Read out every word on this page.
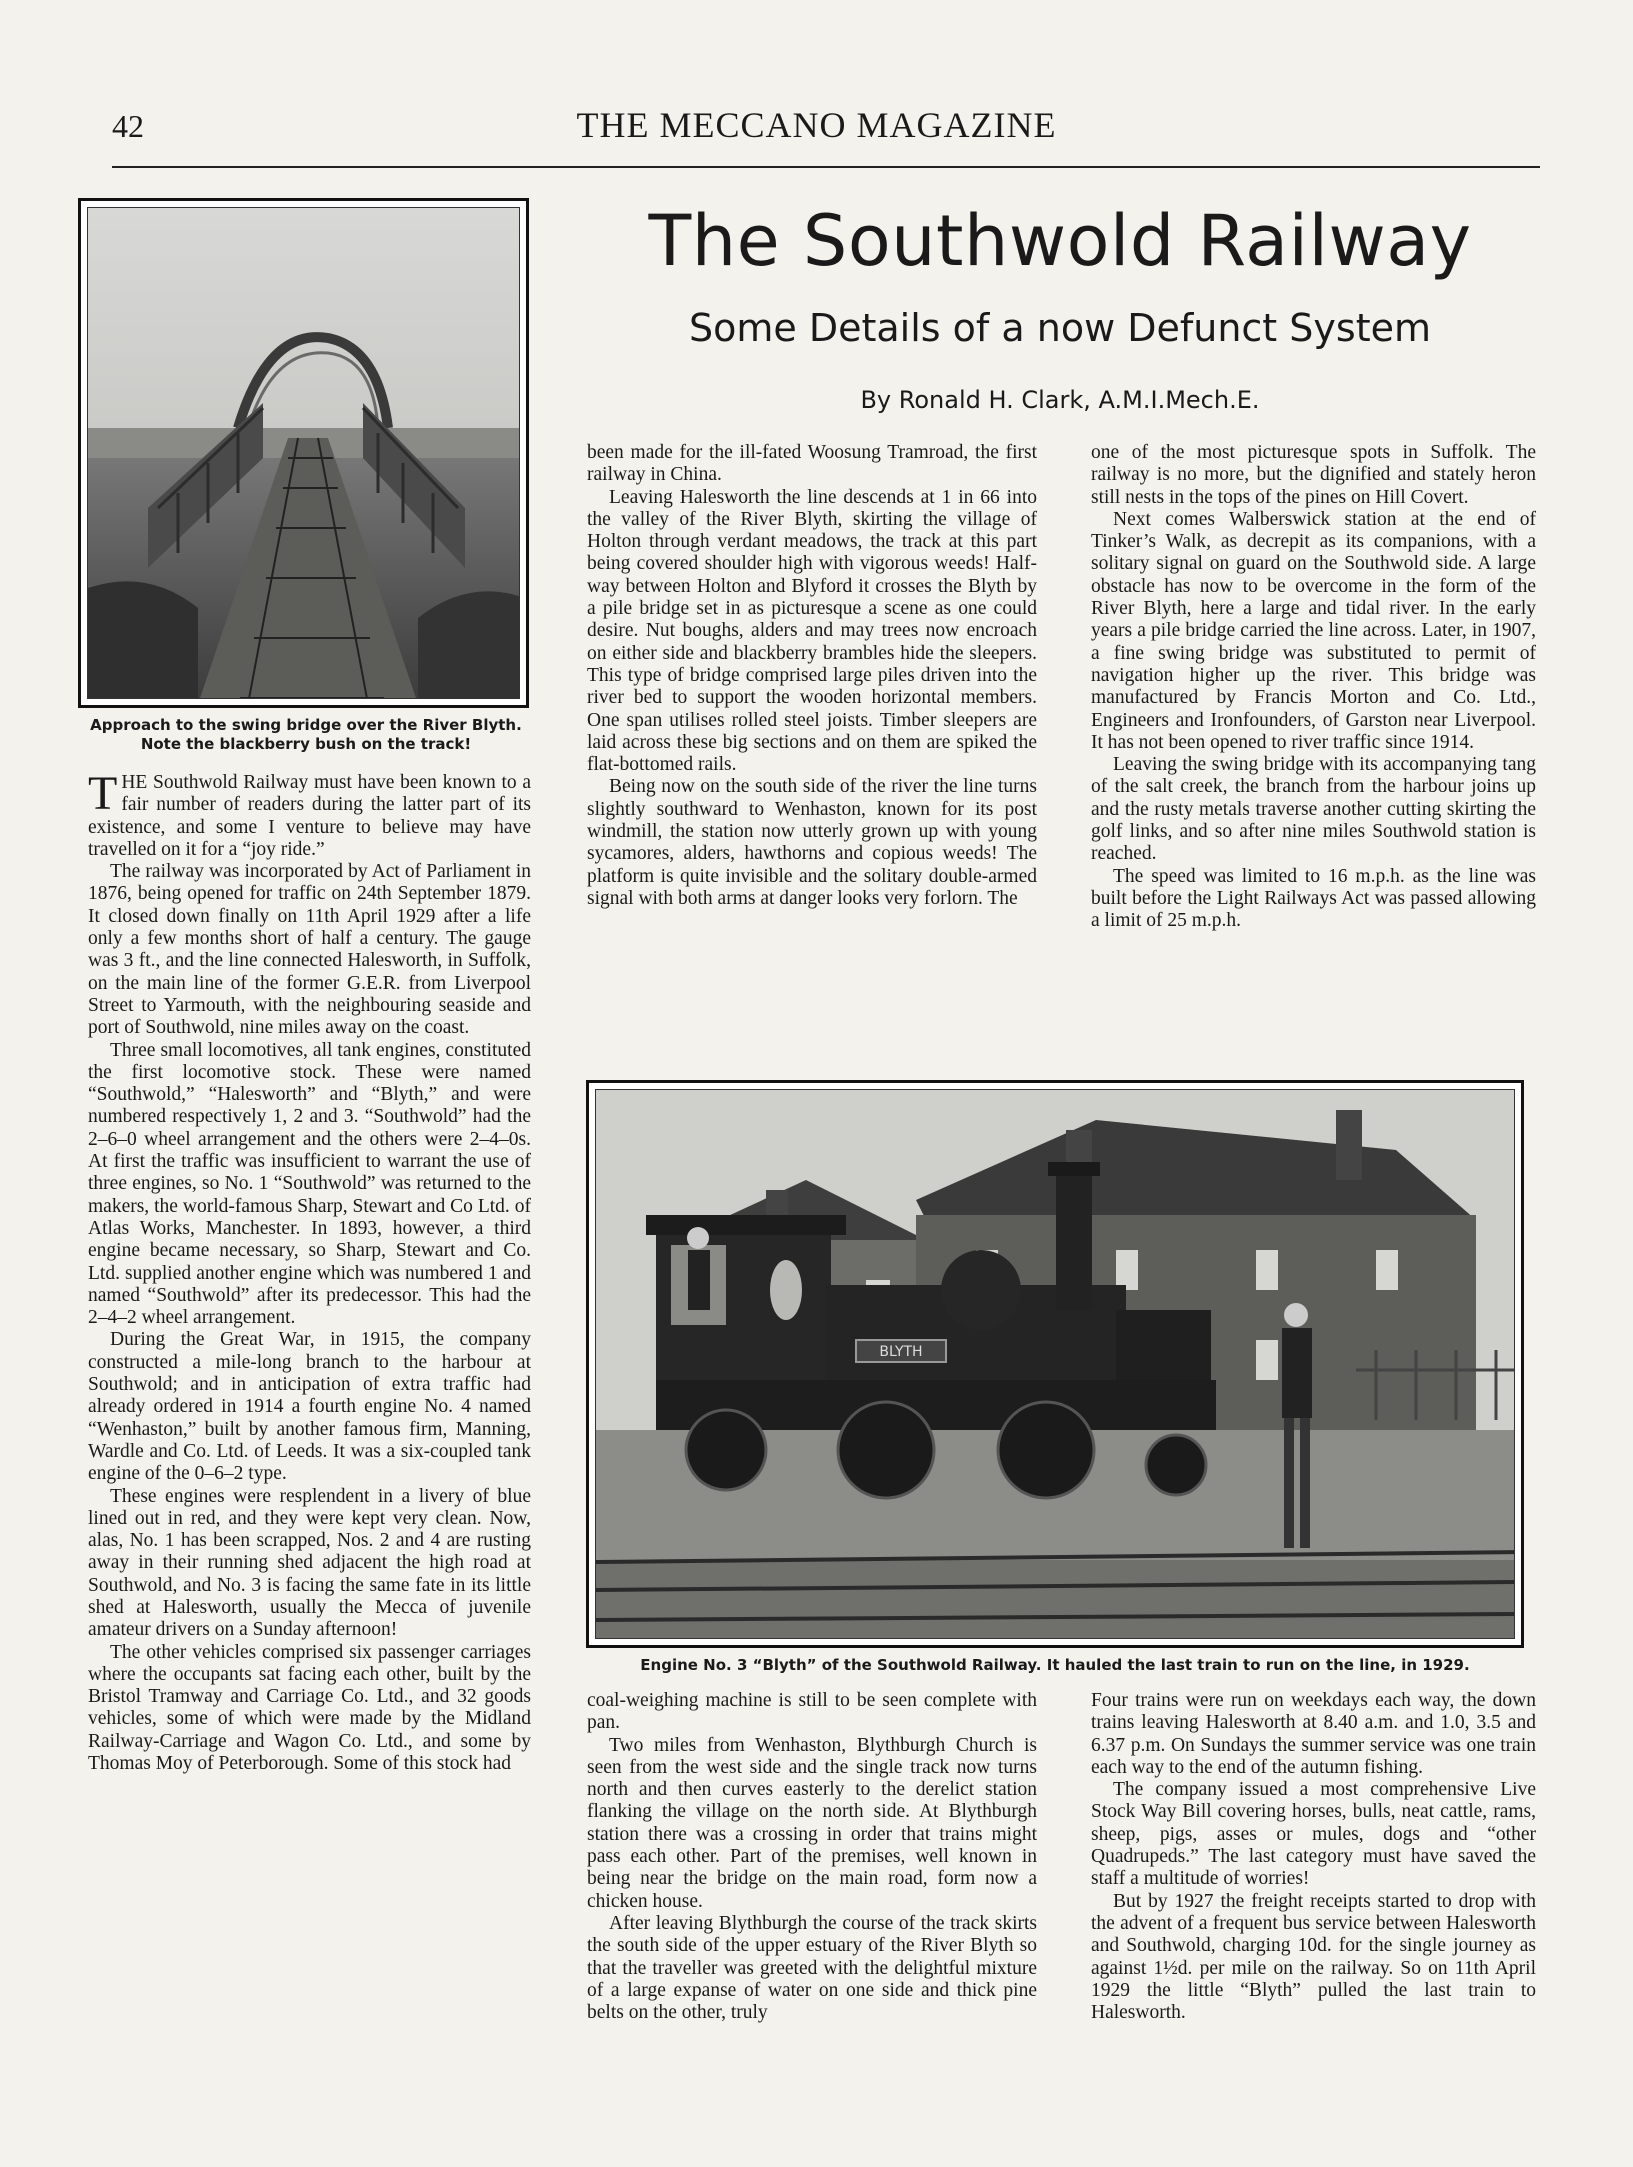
42	THE MECCANO MAGAZINE
Approach to the swing bridge over the River Blyth. Note the blackberry bush on the track!
The Southwold Railway
Some Details of a now Defunct System
By Ronald H. Clark, A.M.I.Mech.E.

THE Southwold Railway must have been known to a fair number of readers during the latter part of its existence, and some I venture to believe may have travelled on it for a “joy ride.”

The railway was incorporated by Act of Parliament in 1876, being opened for traffic on 24th September 1879. It closed down finally on 11th April 1929 after a life only a few months short of half a century. The gauge was 3 ft., and the line connected Halesworth, in Suffolk, on the main line of the former G.E.R. from Liverpool Street to Yarmouth, with the neighbouring seaside and port of Southwold, nine miles away on the coast.

Three small locomotives, all tank engines, constituted the first locomotive stock. These were named “Southwold,” “Halesworth” and “Blyth,” and were numbered respectively 1, 2 and 3. “Southwold” had the 2–6–0 wheel arrangement and the others were 2–4–0s. At first the traffic was insufficient to warrant the use of three engines, so No. 1 “Southwold” was returned to the makers, the world-famous Sharp, Stewart and Co Ltd. of Atlas Works, Manchester. In 1893, however, a third engine became necessary, so Sharp, Stewart and Co. Ltd. supplied another engine which was numbered 1 and named “Southwold” after its predecessor. This had the 2–4–2 wheel arrangement.

During the Great War, in 1915, the company constructed a mile-long branch to the harbour at Southwold; and in anticipation of extra traffic had already ordered in 1914 a fourth engine No. 4 named “Wenhaston,” built by another famous firm, Manning, Wardle and Co. Ltd. of Leeds. It was a six-coupled tank engine of the 0–6–2 type.

These engines were resplendent in a livery of blue lined out in red, and they were kept very clean. Now, alas, No. 1 has been scrapped, Nos. 2 and 4 are rusting away in their running shed adjacent the high road at Southwold, and No. 3 is facing the same fate in its little shed at Halesworth, usually the Mecca of juvenile amateur drivers on a Sunday afternoon!

The other vehicles comprised six passenger carriages where the occupants sat facing each other, built by the Bristol Tramway and Carriage Co. Ltd., and 32 goods vehicles, some of which were made by the Midland Railway-Carriage and Wagon Co. Ltd., and some by Thomas Moy of Peterborough. Some of this stock had

been made for the ill-fated Woosung Tramroad, the first railway in China.

Leaving Halesworth the line descends at 1 in 66 into the valley of the River Blyth, skirting the village of Holton through verdant meadows, the track at this part being covered shoulder high with vigorous weeds! Half-way between Holton and Blyford it crosses the Blyth by a pile bridge set in as picturesque a scene as one could desire. Nut boughs, alders and may trees now encroach on either side and blackberry brambles hide the sleepers. This type of bridge comprised large piles driven into the river bed to support the wooden horizontal members. One span utilises rolled steel joists. Timber sleepers are laid across these big sections and on them are spiked the flat-bottomed rails.

Being now on the south side of the river the line turns slightly southward to Wenhaston, known for its post windmill, the station now utterly grown up with young sycamores, alders, hawthorns and copious weeds! The platform is quite invisible and the solitary double-armed signal with both arms at danger looks very forlorn. The

one of the most picturesque spots in Suffolk. The railway is no more, but the dignified and stately heron still nests in the tops of the pines on Hill Covert.

Next comes Walberswick station at the end of Tinker’s Walk, as decrepit as its companions, with a solitary signal on guard on the Southwold side. A large obstacle has now to be overcome in the form of the River Blyth, here a large and tidal river. In the early years a pile bridge carried the line across. Later, in 1907, a fine swing bridge was substituted to permit of navigation higher up the river. This bridge was manufactured by Francis Morton and Co. Ltd., Engineers and Ironfounders, of Garston near Liverpool. It has not been opened to river traffic since 1914.

Leaving the swing bridge with its accompanying tang of the salt creek, the branch from the harbour joins up and the rusty metals traverse another cutting skirting the golf links, and so after nine miles Southwold station is reached.

The speed was limited to 16 m.p.h. as the line was built before the Light Railways Act was passed allowing a limit of 25 m.p.h.

BLYTH
Engine No. 3 “Blyth” of the Southwold Railway. It hauled the last train to run on the line, in 1929.

coal-weighing machine is still to be seen complete with pan.

Two miles from Wenhaston, Blythburgh Church is seen from the west side and the single track now turns north and then curves easterly to the derelict station flanking the village on the north side. At Blythburgh station there was a crossing in order that trains might pass each other. Part of the premises, well known in being near the bridge on the main road, form now a chicken house.

After leaving Blythburgh the course of the track skirts the south side of the upper estuary of the River Blyth so that the traveller was greeted with the delightful mixture of a large expanse of water on one side and thick pine belts on the other, truly

Four trains were run on weekdays each way, the down trains leaving Halesworth at 8.40 a.m. and 1.0, 3.5 and 6.37 p.m. On Sundays the summer service was one train each way to the end of the autumn fishing.

The company issued a most comprehensive Live Stock Way Bill covering horses, bulls, neat cattle, rams, sheep, pigs, asses or mules, dogs and “other Quadrupeds.” The last category must have saved the staff a multitude of worries!

But by 1927 the freight receipts started to drop with the advent of a frequent bus service between Halesworth and Southwold, charging 10d. for the single journey as against 1½d. per mile on the railway. So on 11th April 1929 the little “Blyth” pulled the last train to Halesworth.
